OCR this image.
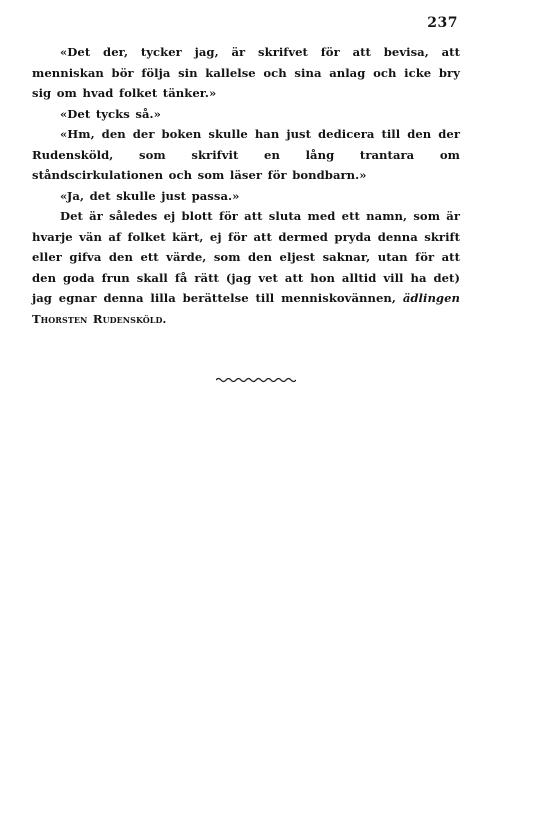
237

«Det der, tycker jag, är skrifvet för att bevisa, att menniskan bör följa sin kallelse och sina anlag och icke bry sig om hvad folket tänker.»

«Det tycks så.»

«Hm, den der boken skulle han just dedicera till den der Rudensköld, som skrifvit en lång trantara om ståndscirkulationen och som läser för bondbarn.»

«Ja, det skulle just passa.»

Det är således ej blott för att sluta med ett namn, som är hvarje vän af folket kärt, ej för att dermed pryda denna skrift eller gifva den ett värde, som den eljest saknar, utan för att den goda frun skall få rätt (jag vet att hon alltid vill ha det) jag egnar denna lilla berättelse till menniskovännen, ädlingen Thorsten Rudensköld.
